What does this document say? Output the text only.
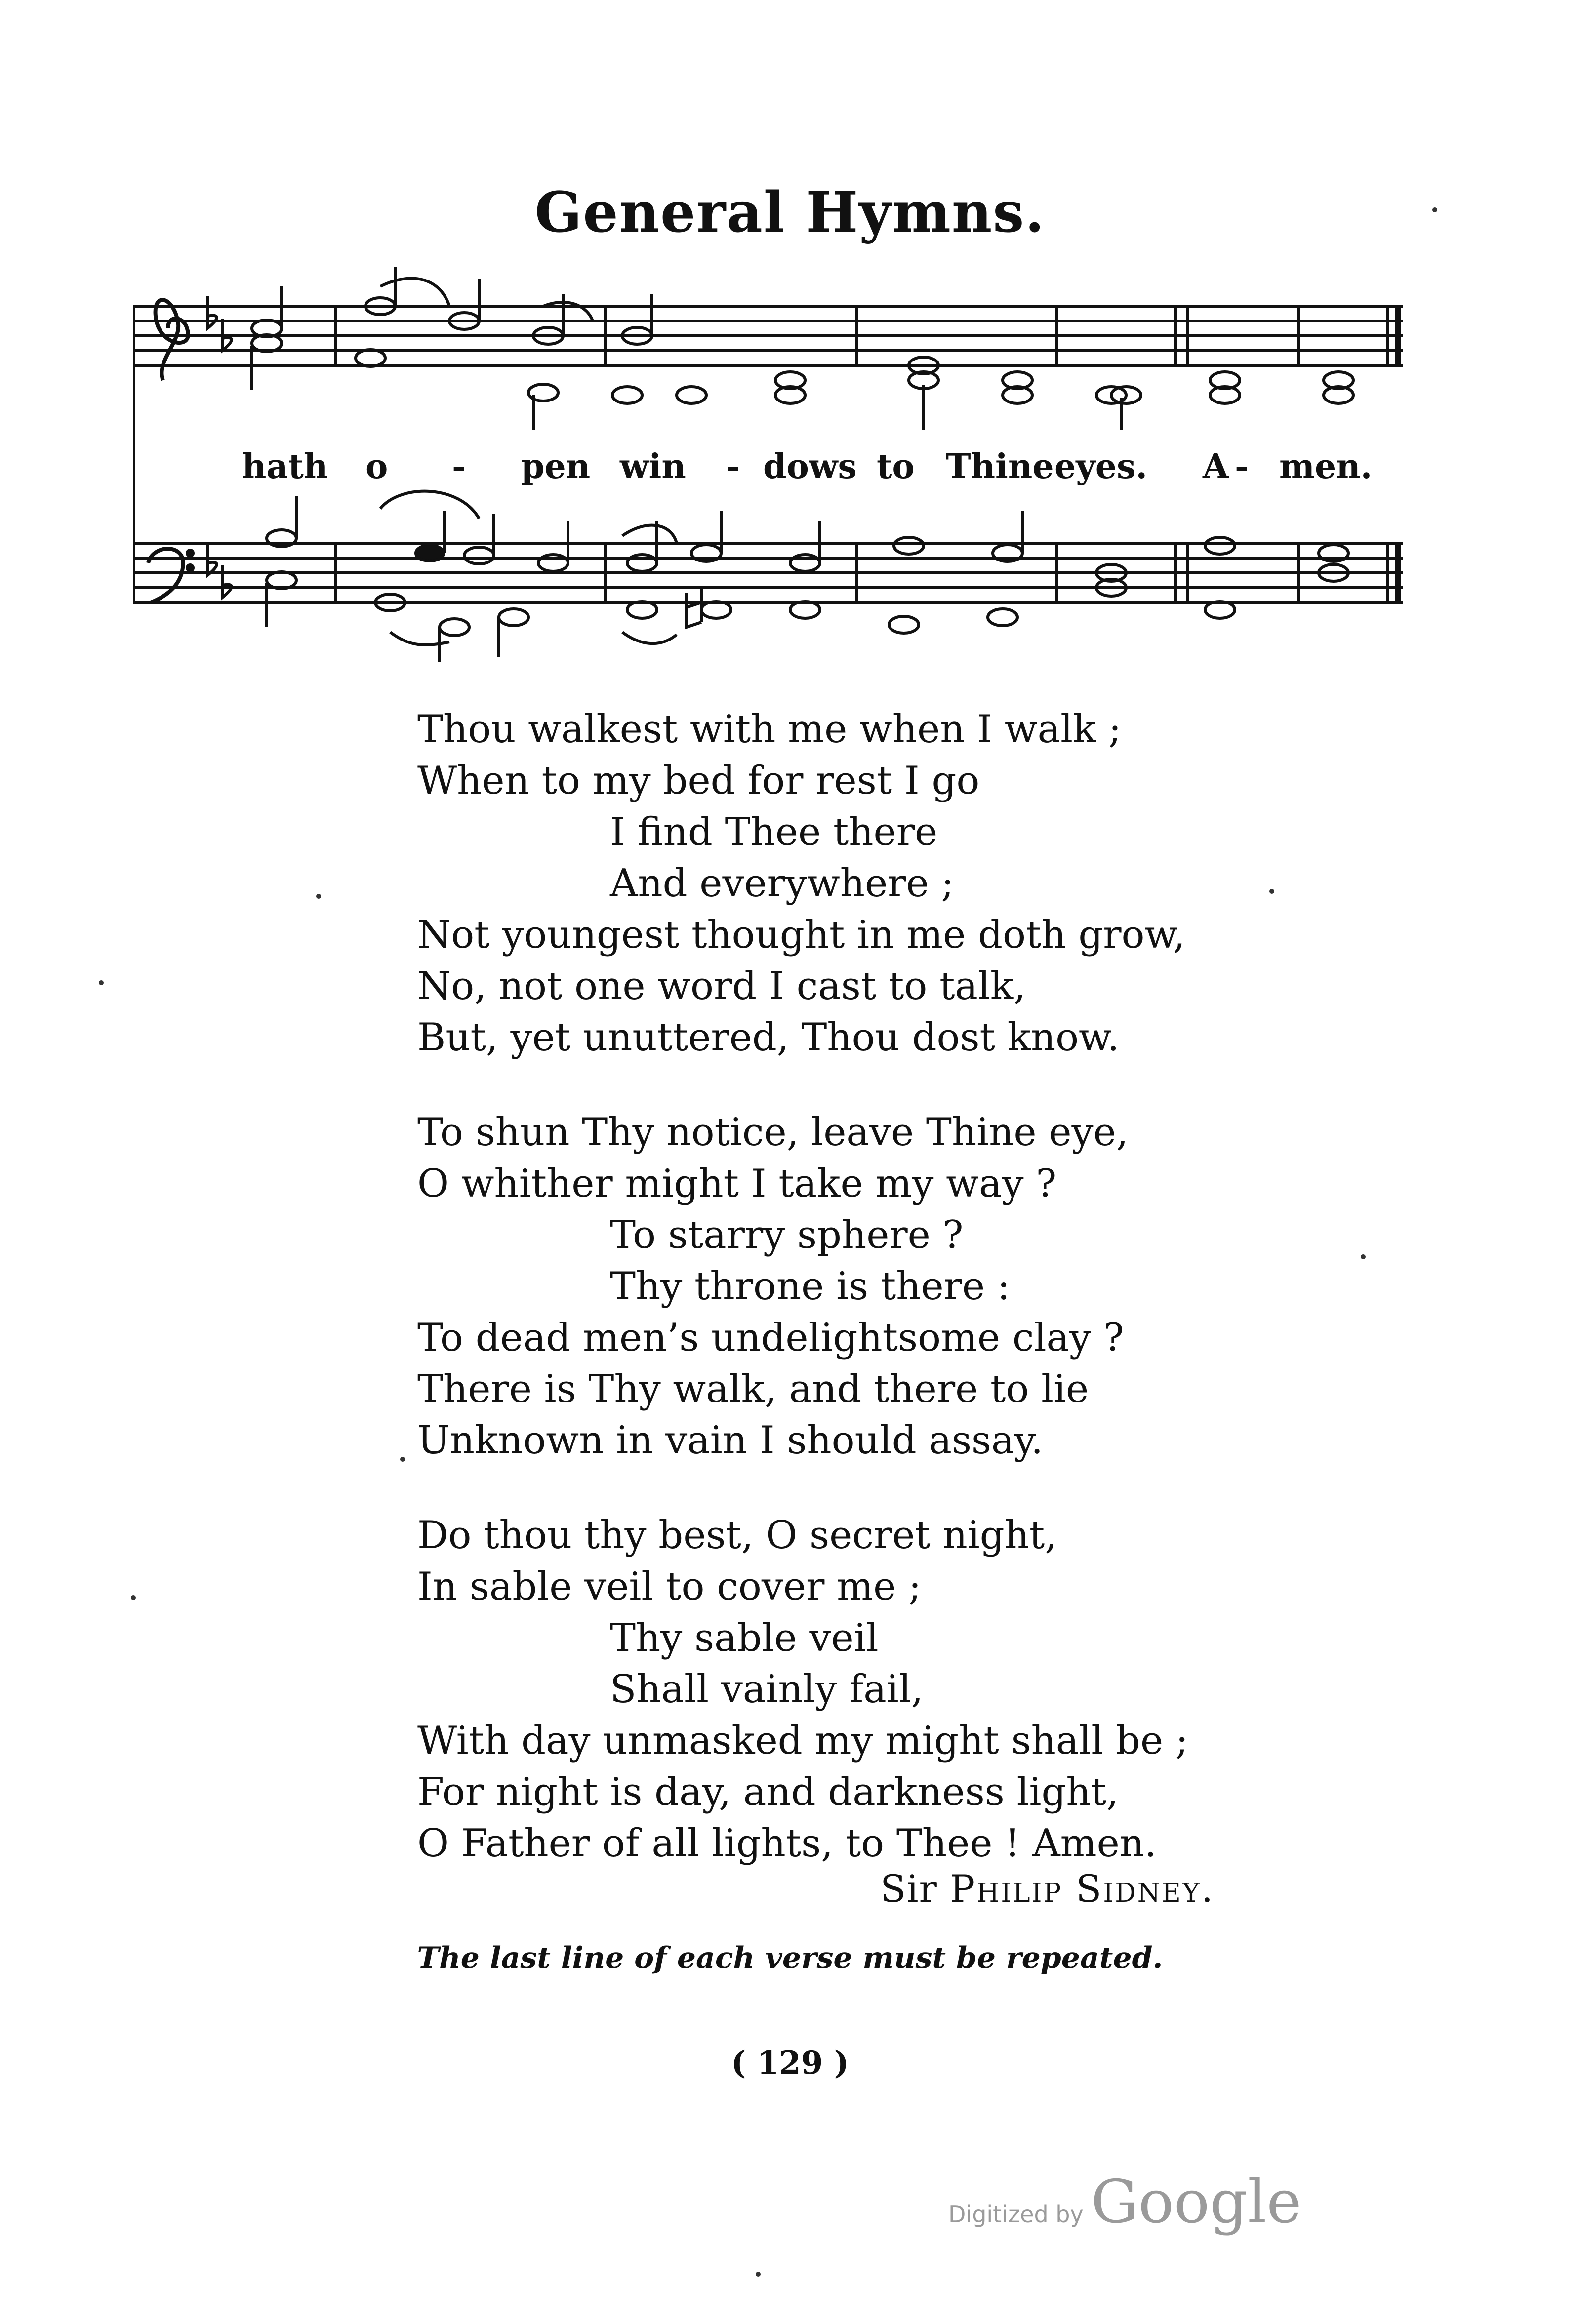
General Hymns.
hath o - pen win - dows to Thine eyes. A - men.
Thou walkest with me when I walk ;
When to my bed for rest I go
I find Thee there
And everywhere ;
Not youngest thought in me doth grow,
No, not one word I cast to talk,
But, yet unuttered, Thou dost know.
To shun Thy notice, leave Thine eye,
O whither might I take my way ?
To starry sphere ?
Thy throne is there :
To dead men’s undelightsome clay ?
There is Thy walk, and there to lie
Unknown in vain I should assay.
Do thou thy best, O secret night,
In sable veil to cover me ;
Thy sable veil
Shall vainly fail,
With day unmasked my might shall be ;
For night is day, and darkness light,
O Father of all lights, to Thee ! Amen.
Sir Philip Sidney.
The last line of each verse must be repeated.
( 129 )
Digitized by Google
